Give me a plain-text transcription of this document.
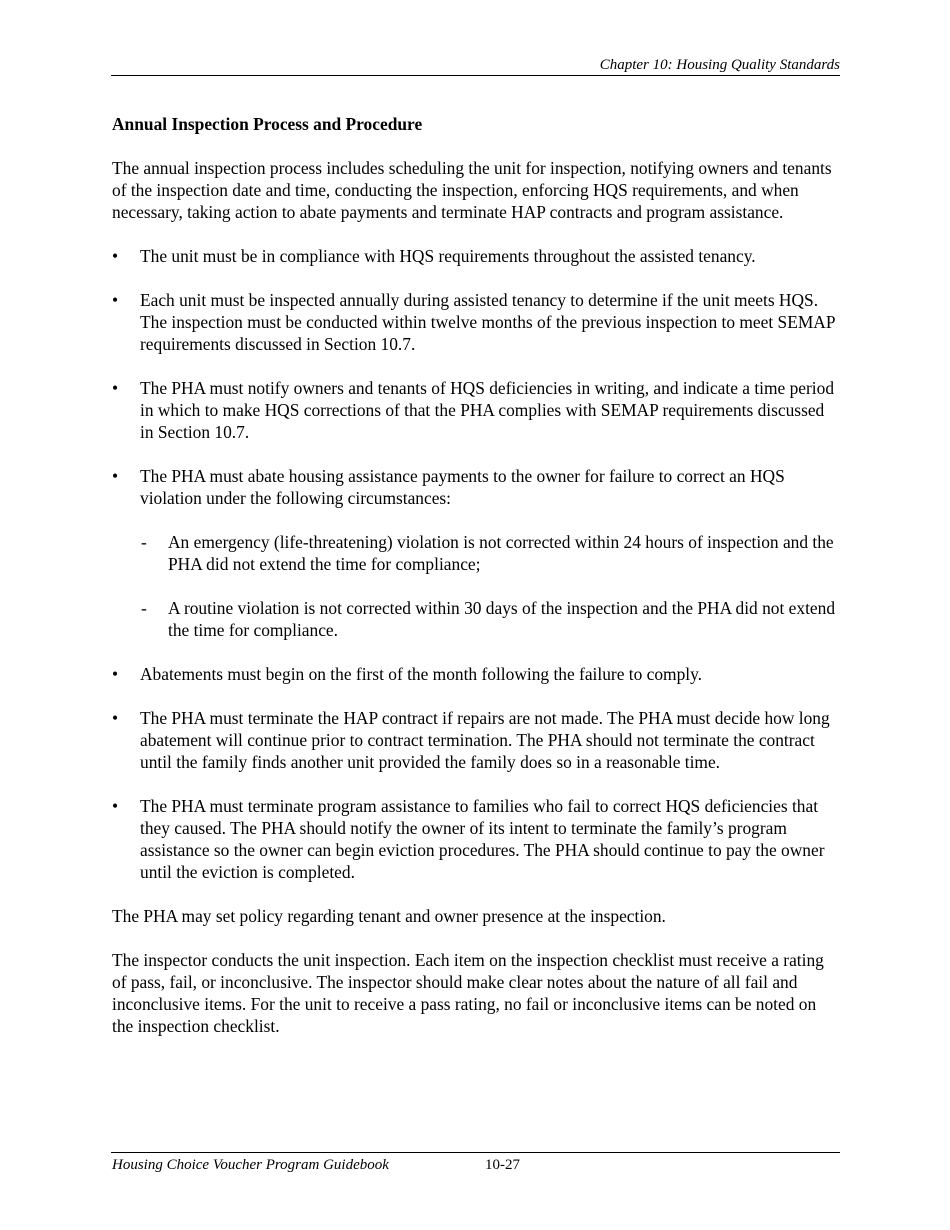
Chapter 10: Housing Quality Standards
Annual Inspection Process and Procedure

The annual inspection process includes scheduling the unit for inspection, notifying owners and tenants of the inspection date and time, conducting the inspection, enforcing HQS requirements, and when necessary, taking action to abate payments and terminate HAP contracts and program assistance.

• The unit must be in compliance with HQS requirements throughout the assisted tenancy.
• Each unit must be inspected annually during assisted tenancy to determine if the unit meets HQS. The inspection must be conducted within twelve months of the previous inspection to meet SEMAP requirements discussed in Section 10.7.
• The PHA must notify owners and tenants of HQS deficiencies in writing, and indicate a time period in which to make HQS corrections of that the PHA complies with SEMAP requirements discussed in Section 10.7.
• The PHA must abate housing assistance payments to the owner for failure to correct an HQS violation under the following circumstances:
- An emergency (life-threatening) violation is not corrected within 24 hours of inspection and the PHA did not extend the time for compliance;
- A routine violation is not corrected within 30 days of the inspection and the PHA did not extend the time for compliance.
• Abatements must begin on the first of the month following the failure to comply.
• The PHA must terminate the HAP contract if repairs are not made. The PHA must decide how long abatement will continue prior to contract termination. The PHA should not terminate the contract until the family finds another unit provided the family does so in a reasonable time.
• The PHA must terminate program assistance to families who fail to correct HQS deficiencies that they caused. The PHA should notify the owner of its intent to terminate the family’s program assistance so the owner can begin eviction procedures. The PHA should continue to pay the owner until the eviction is completed.

The PHA may set policy regarding tenant and owner presence at the inspection.

The inspector conducts the unit inspection. Each item on the inspection checklist must receive a rating of pass, fail, or inconclusive. The inspector should make clear notes about the nature of all fail and inconclusive items. For the unit to receive a pass rating, no fail or inconclusive items can be noted on the inspection checklist.

Housing Choice Voucher Program Guidebook	10-27
